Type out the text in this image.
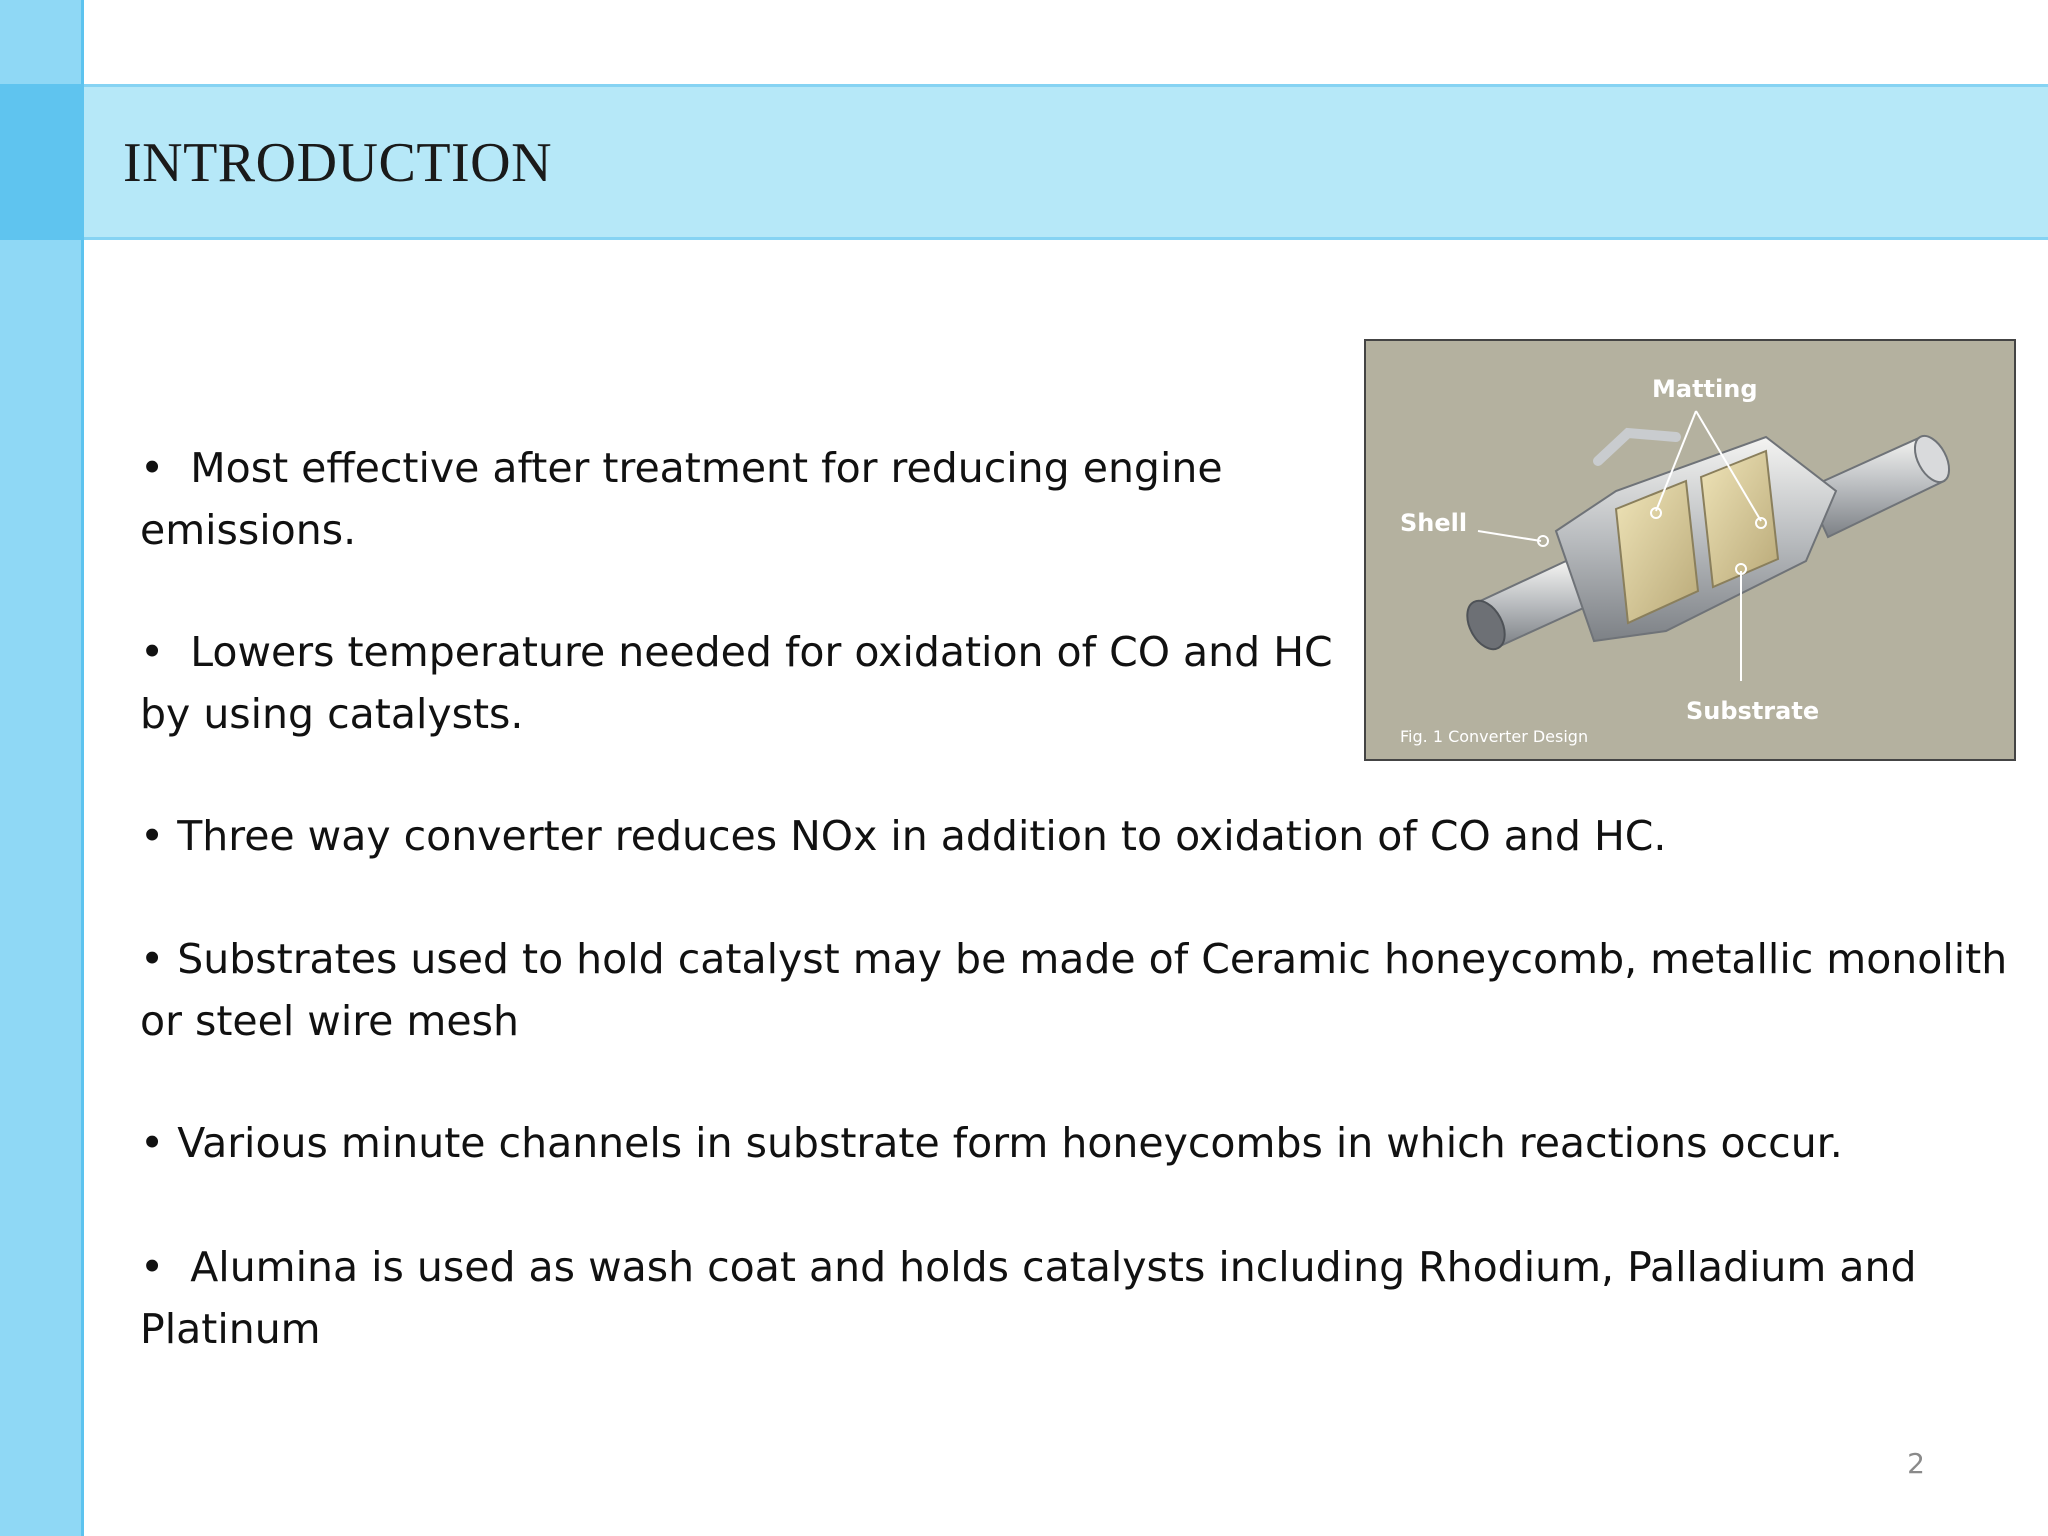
INTRODUCTION
•  Most effective after treatment for reducing engine
emissions.
•  Lowers temperature needed for oxidation of CO and HC
by using catalysts.
• Three way converter reduces NOx in addition to oxidation of CO and HC.
• Substrates used to hold catalyst may be made of Ceramic honeycomb, metallic monolith
or steel wire mesh
• Various minute channels in substrate form honeycombs in which reactions occur.
•  Alumina is used as wash coat and holds catalysts including Rhodium, Palladium and
Platinum
Matting
Shell
Substrate
Fig. 1 Converter Design
2
